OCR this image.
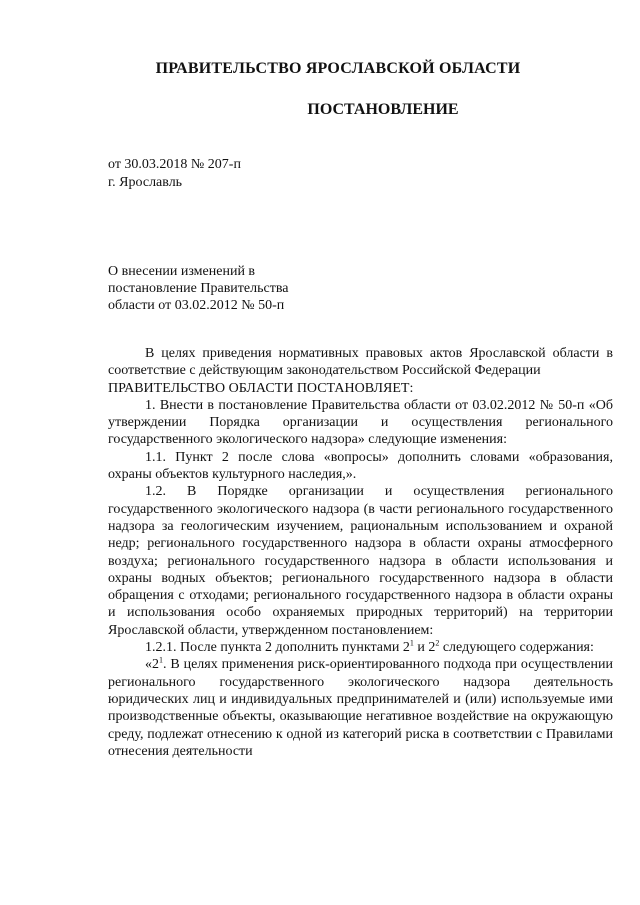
ПРАВИТЕЛЬСТВО ЯРОСЛАВСКОЙ ОБЛАСТИ
ПОСТАНОВЛЕНИЕ
от 30.03.2018 № 207-п
г. Ярославль
О внесении изменений в
постановление Правительства
области от 03.02.2012 № 50-п

В целях приведения нормативных правовых актов Ярославской области в соответствие с действующим законодательством Российской Федерации

ПРАВИТЕЛЬСТВО ОБЛАСТИ ПОСТАНОВЛЯЕТ:

1. Внести в постановление Правительства области от 03.02.2012 № 50-п «Об утверждении Порядка организации и осуществления регионального государственного экологического надзора» следующие изменения:

1.1. Пункт 2 после слова «вопросы» дополнить словами «образования, охраны объектов культурного наследия,».

1.2. В Порядке организации и осуществления регионального государственного экологического надзора (в части регионального государственного надзора за геологическим изучением, рациональным использованием и охраной недр; регионального государственного надзора в области охраны атмосферного воздуха; регионального государственного надзора в области использования и охраны водных объектов; регионального государственного надзора в области обращения с отходами; регионального государственного надзора в области охраны и использования особо охраняемых природных территорий) на территории Ярославской области, утвержденном постановлением:

1.2.1. После пункта 2 дополнить пунктами $2^1$ и $2^2$ следующего содержания:

«$2^1$. В целях применения риск-ориентированного подхода при осуществлении регионального государственного экологического надзора деятельность юридических лиц и индивидуальных предпринимателей и (или) используемые ими производственные объекты, оказывающие негативное воздействие на окружающую среду, подлежат отнесению к одной из категорий риска в соответствии с Правилами отнесения деятельности
